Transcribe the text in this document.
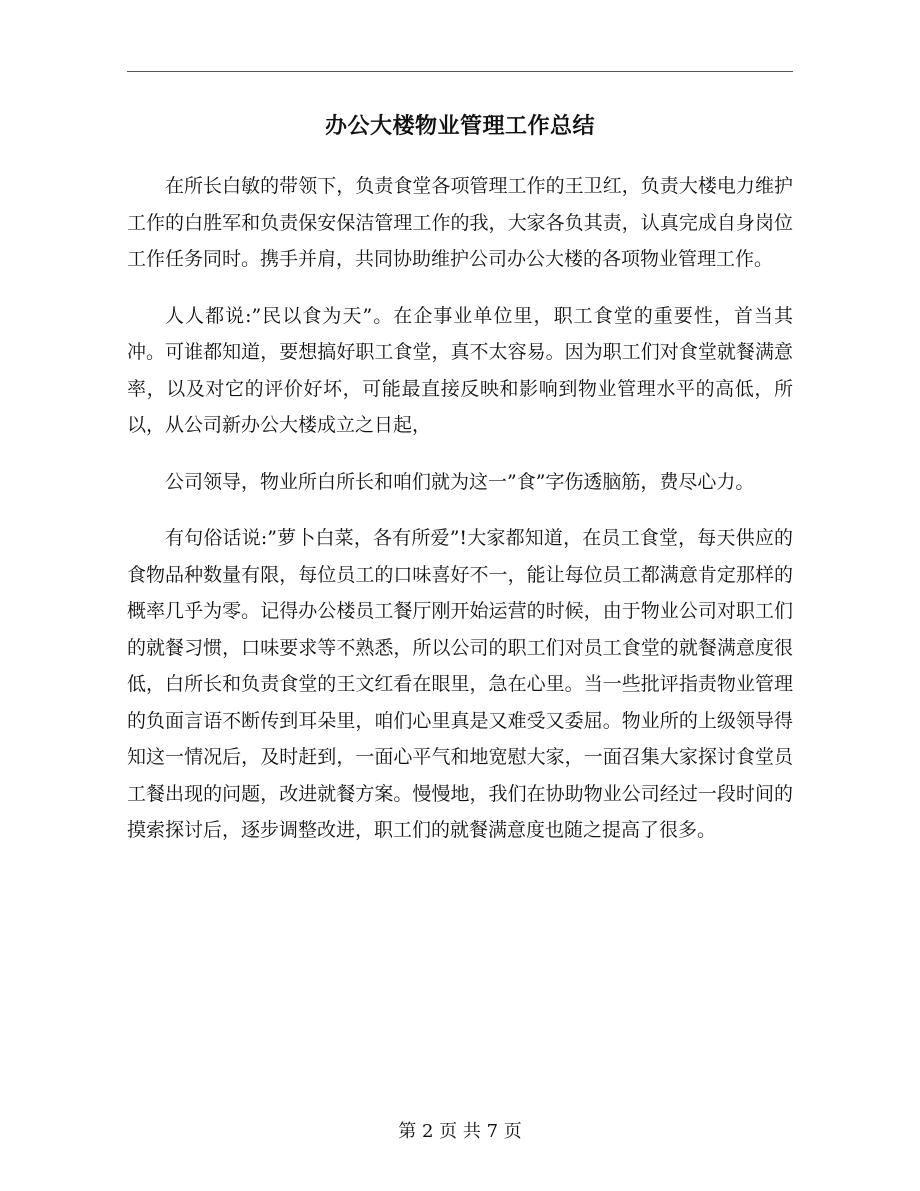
办公大楼物业管理工作总结

在所长白敏的带领下，负责食堂各项管理工作的王卫红，负责大楼电力维护工作的白胜军和负责保安保洁管理工作的我，大家各负其责，认真完成自身岗位工作任务同时。携手并肩，共同协助维护公司办公大楼的各项物业管理工作。

人人都说:”民以食为天”。在企事业单位里，职工食堂的重要性，首当其冲。可谁都知道，要想搞好职工食堂，真不太容易。因为职工们对食堂就餐满意率，以及对它的评价好坏，可能最直接反映和影响到物业管理水平的高低，所以，从公司新办公大楼成立之日起，

公司领导，物业所白所长和咱们就为这一”食”字伤透脑筋，费尽心力。

有句俗话说:”萝卜白菜，各有所爱”!大家都知道，在员工食堂，每天供应的食物品种数量有限，每位员工的口味喜好不一，能让每位员工都满意肯定那样的概率几乎为零。记得办公楼员工餐厅刚开始运营的时候，由于物业公司对职工们的就餐习惯，口味要求等不熟悉，所以公司的职工们对员工食堂的就餐满意度很低，白所长和负责食堂的王文红看在眼里，急在心里。当一些批评指责物业管理的负面言语不断传到耳朵里，咱们心里真是又难受又委屈。物业所的上级领导得知这一情况后，及时赶到，一面心平气和地宽慰大家，一面召集大家探讨食堂员工餐出现的问题，改进就餐方案。慢慢地，我们在协助物业公司经过一段时间的摸索探讨后，逐步调整改进，职工们的就餐满意度也随之提高了很多。

第 2 页 共 7 页
